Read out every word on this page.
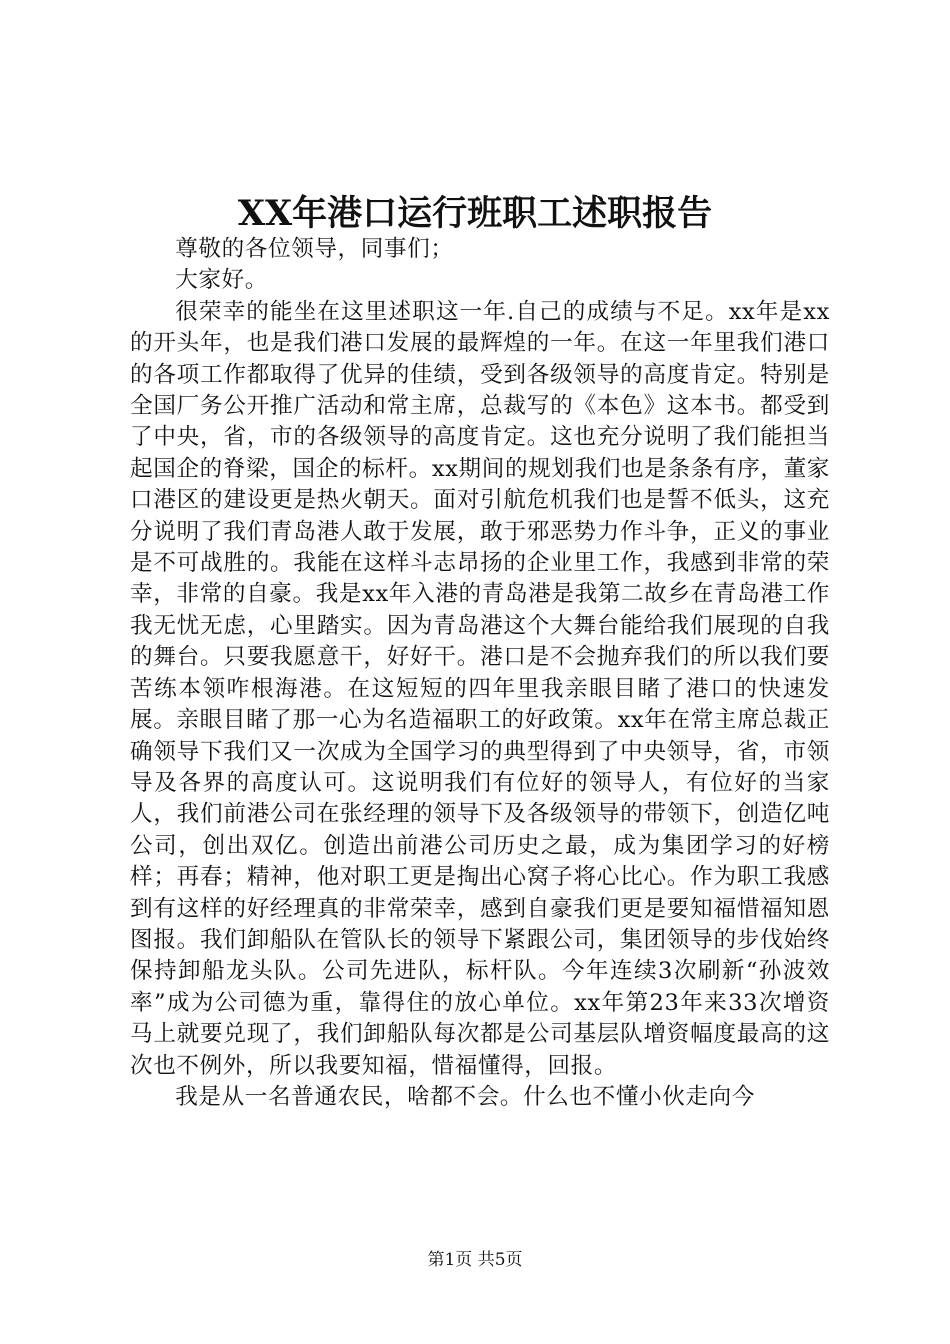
XX年港口运行班职工述职报告

尊敬的各位领导，同事们；

大家好。

很荣幸的能坐在这里述职这一年.自己的成绩与不足。xx年是xx的开头年，也是我们港口发展的最辉煌的一年。在这一年里我们港口的各项工作都取得了优异的佳绩，受到各级领导的高度肯定。特别是全国厂务公开推广活动和常主席，总裁写的《本色》这本书。都受到了中央，省，市的各级领导的高度肯定。这也充分说明了我们能担当起国企的脊梁，国企的标杆。xx期间的规划我们也是条条有序，董家口港区的建设更是热火朝天。面对引航危机我们也是誓不低头，这充分说明了我们青岛港人敢于发展，敢于邪恶势力作斗争，正义的事业是不可战胜的。我能在这样斗志昂扬的企业里工作，我感到非常的荣幸，非常的自豪。我是xx年入港的青岛港是我第二故乡在青岛港工作我无忧无虑，心里踏实。因为青岛港这个大舞台能给我们展现的自我的舞台。只要我愿意干，好好干。港口是不会抛弃我们的所以我们要苦练本领咋根海港。在这短短的四年里我亲眼目睹了港口的快速发展。亲眼目睹了那一心为名造福职工的好政策。xx年在常主席总裁正确领导下我们又一次成为全国学习的典型得到了中央领导，省，市领导及各界的高度认可。这说明我们有位好的领导人，有位好的当家人，我们前港公司在张经理的领导下及各级领导的带领下，创造亿吨公司，创出双亿。创造出前港公司历史之最，成为集团学习的好榜样；再春；精神，他对职工更是掏出心窝子将心比心。作为职工我感到有这样的好经理真的非常荣幸，感到自豪我们更是要知福惜福知恩图报。我们卸船队在管队长的领导下紧跟公司，集团领导的步伐始终保持卸船龙头队。公司先进队，标杆队。今年连续3次刷新“孙波效率”成为公司德为重，靠得住的放心单位。xx年第23年来33次增资马上就要兑现了，我们卸船队每次都是公司基层队增资幅度最高的这次也不例外，所以我要知福，惜福懂得，回报。

我是从一名普通农民，啥都不会。什么也不懂小伙走向今

第1页 共5页
